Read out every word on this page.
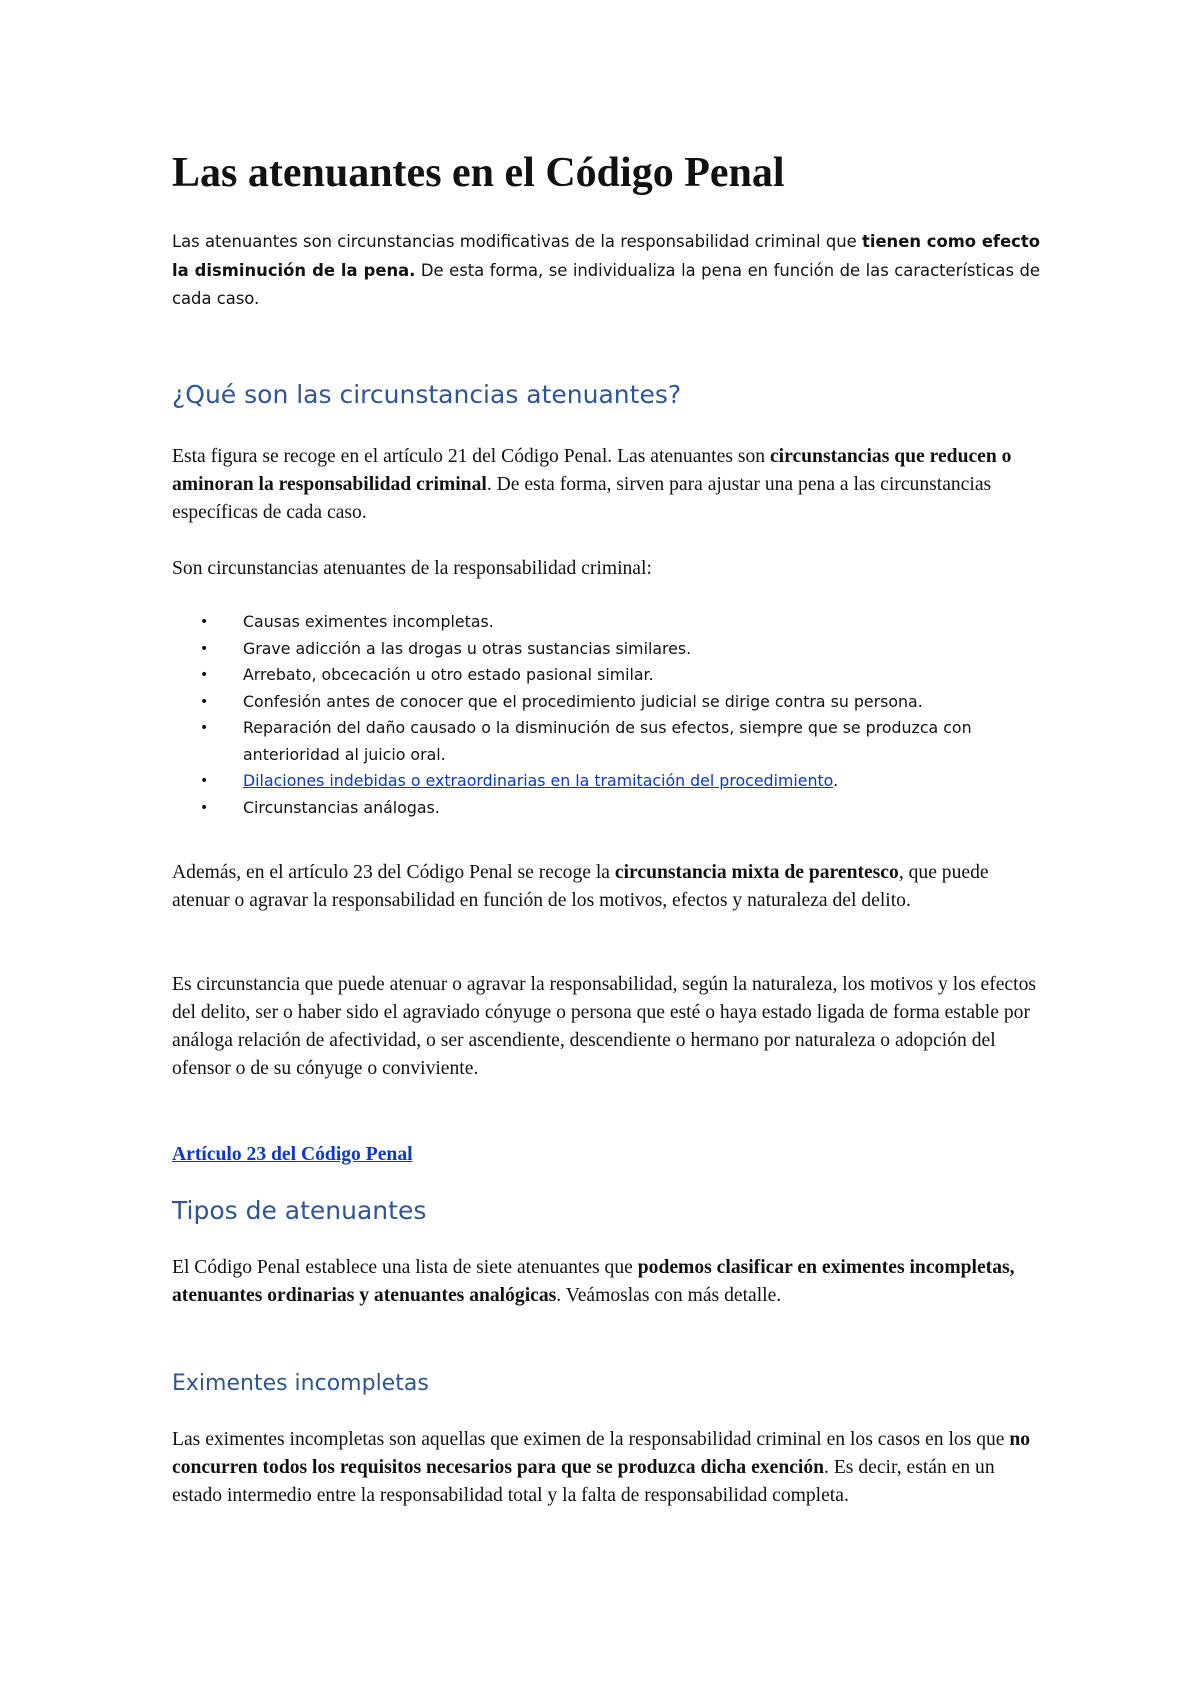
Las atenuantes en el Código Penal

Las atenuantes son circunstancias modificativas de la responsabilidad criminal que tienen como efecto la disminución de la pena. De esta forma, se individualiza la pena en función de las características de cada caso.

¿Qué son las circunstancias atenuantes?

Esta figura se recoge en el artículo 21 del Código Penal. Las atenuantes son circunstancias que reducen o aminoran la responsabilidad criminal. De esta forma, sirven para ajustar una pena a las circunstancias específicas de cada caso.

Son circunstancias atenuantes de la responsabilidad criminal:

• Causas eximentes incompletas.
• Grave adicción a las drogas u otras sustancias similares.
• Arrebato, obcecación u otro estado pasional similar.
• Confesión antes de conocer que el procedimiento judicial se dirige contra su persona.
• Reparación del daño causado o la disminución de sus efectos, siempre que se produzca con anterioridad al juicio oral.
• Dilaciones indebidas o extraordinarias en la tramitación del procedimiento.
• Circunstancias análogas.

Además, en el artículo 23 del Código Penal se recoge la circunstancia mixta de parentesco, que puede atenuar o agravar la responsabilidad en función de los motivos, efectos y naturaleza del delito.

Es circunstancia que puede atenuar o agravar la responsabilidad, según la naturaleza, los motivos y los efectos del delito, ser o haber sido el agraviado cónyuge o persona que esté o haya estado ligada de forma estable por análoga relación de afectividad, o ser ascendiente, descendiente o hermano por naturaleza o adopción del ofensor o de su cónyuge o conviviente.

Artículo 23 del Código Penal

Tipos de atenuantes

El Código Penal establece una lista de siete atenuantes que podemos clasificar en eximentes incompletas, atenuantes ordinarias y atenuantes analógicas. Veámoslas con más detalle.

Eximentes incompletas

Las eximentes incompletas son aquellas que eximen de la responsabilidad criminal en los casos en los que no concurren todos los requisitos necesarios para que se produzca dicha exención. Es decir, están en un estado intermedio entre la responsabilidad total y la falta de responsabilidad completa.
